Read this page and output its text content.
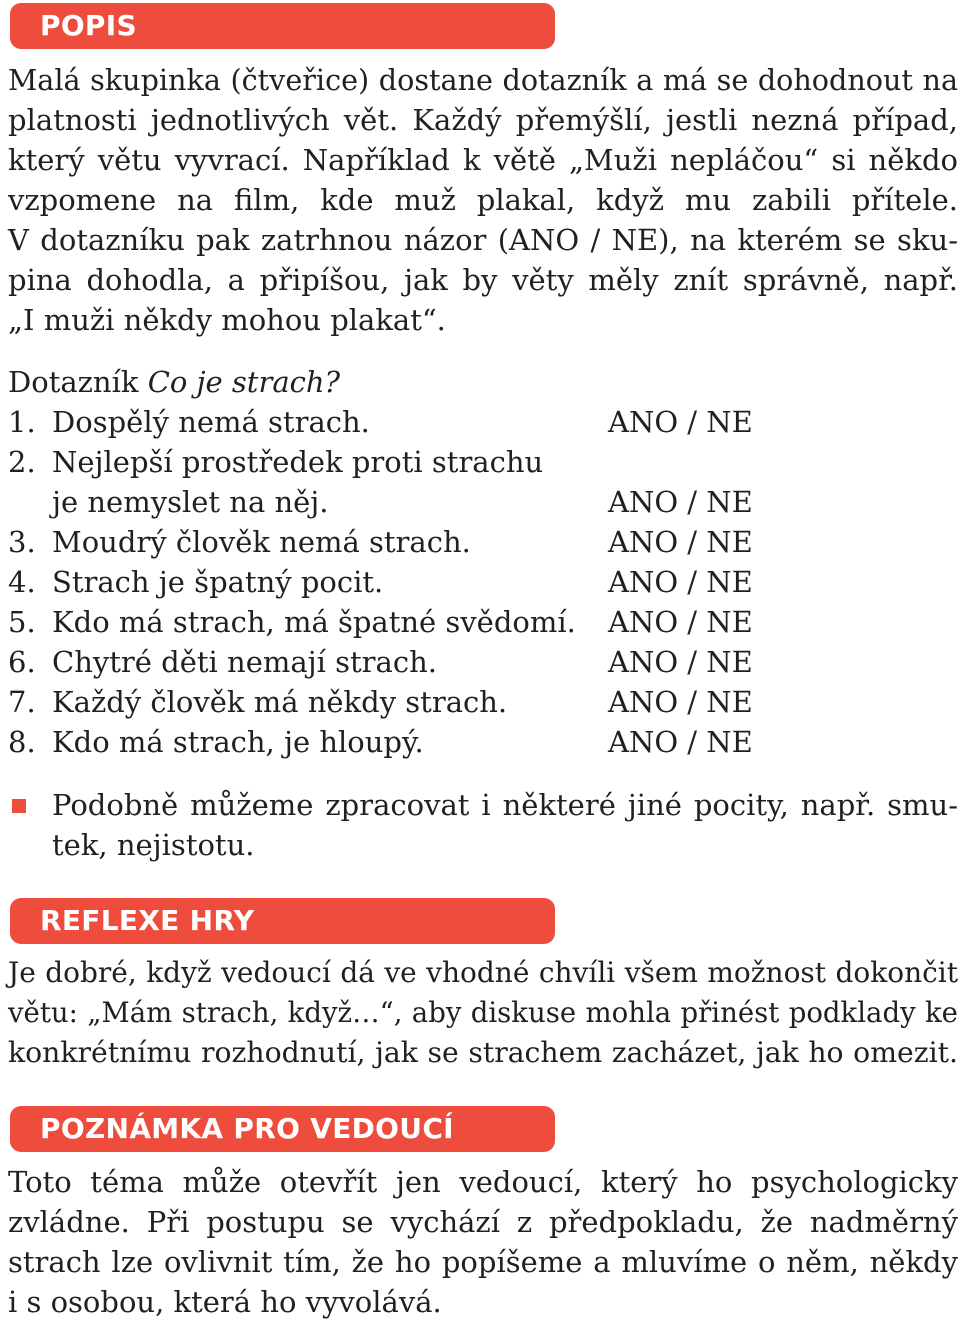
POPIS
Malá skupinka (čtveřice) dostane dotazník a má se dohodnout na
platnosti jednotlivých vět. Každý přemýšlí, jestli nezná případ,
který větu vyvrací. Například k větě „Muži nepláčou“ si někdo
vzpomene na film, kde muž plakal, když mu zabili přítele.
V dotazníku pak zatrhnou názor (ANO / NE), na kterém se sku-
pina dohodla, a připíšou, jak by věty měly znít správně, např.
„I muži někdy mohou plakat“.
Dotazník Co je strach?
1. Dospělý nemá strach.	ANO / NE
2. Nejlepší prostředek proti strachu
je nemyslet na něj.	ANO / NE
3. Moudrý člověk nemá strach.	ANO / NE
4. Strach je špatný pocit.	ANO / NE
5. Kdo má strach, má špatné svědomí. ANO / NE
6. Chytré děti nemají strach.	ANO / NE
7. Každý člověk má někdy strach.	ANO / NE
8. Kdo má strach, je hloupý.	ANO / NE
Podobně můžeme zpracovat i některé jiné pocity, např. smu-
tek, nejistotu.
REFLEXE HRY
Je dobré, když vedoucí dá ve vhodné chvíli všem možnost dokončit
větu: „Mám strach, když…“, aby diskuse mohla přinést podklady ke
konkrétnímu rozhodnutí, jak se strachem zacházet, jak ho omezit.
POZNÁMKA PRO VEDOUCÍ
Toto téma může otevřít jen vedoucí, který ho psychologicky
zvládne. Při postupu se vychází z předpokladu, že nadměrný
strach lze ovlivnit tím, že ho popíšeme a mluvíme o něm, někdy
i s osobou, která ho vyvolává.
